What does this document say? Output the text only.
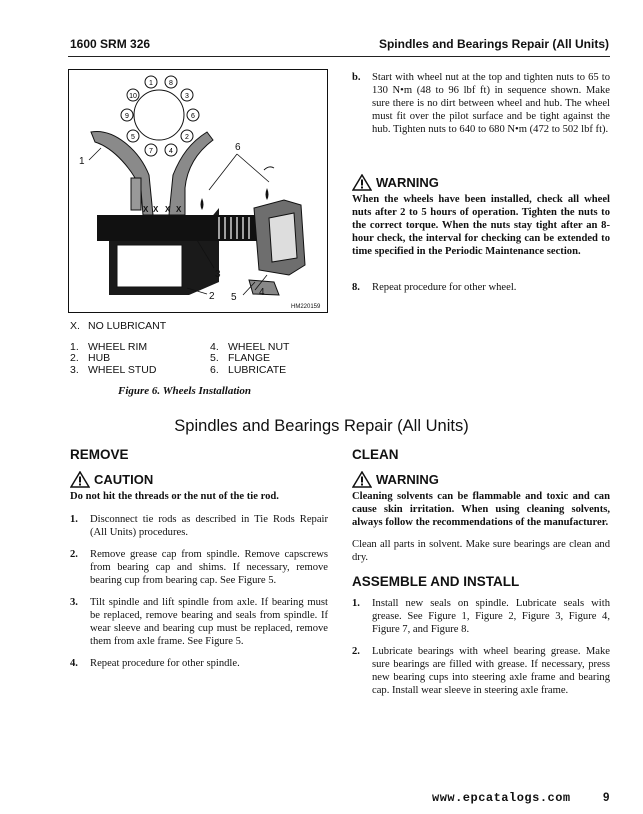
1600 SRM 326	Spindles and Bearings Repair (All Units)
1 8
3
6
2
4
7
5
9
10
X X X X
1
2
3
4
5
6
HM220159
X. NO LUBRICANT
1. WHEEL RIM	4. WHEEL NUT
2. HUB	5. FLANGE
3. WHEEL STUD	6. LUBRICATE
Figure 6. Wheels Installation
b. Start with wheel nut at the top and tighten nuts to 65 to 130 N•m (48 to 96 lbf ft) in sequence shown. Make sure there is no dirt between wheel and hub. The wheel must fit over the pilot surface and be tight against the hub. Tighten nuts to 640 to 680 N•m (472 to 502 lbf ft).
WARNING
When the wheels have been installed, check all wheel nuts after 2 to 5 hours of operation. Tighten the nuts to the correct torque. When the nuts stay tight after an 8-hour check, the interval for checking can be extended to time specified in the Periodic Maintenance section.
8. Repeat procedure for other wheel.
Spindles and Bearings Repair (All Units)
REMOVE
CAUTION
Do not hit the threads or the nut of the tie rod.
1. Disconnect tie rods as described in Tie Rods Repair (All Units) procedures.
2. Remove grease cap from spindle. Remove capscrews from bearing cap and shims. If necessary, remove bearing cup from bearing cap. See Figure 5.
3. Tilt spindle and lift spindle from axle. If bearing must be replaced, remove bearing and seals from spindle. If wear sleeve and bearing cup must be replaced, remove them from axle frame. See Figure 5.
4. Repeat procedure for other spindle.
CLEAN
WARNING
Cleaning solvents can be flammable and toxic and can cause skin irritation. When using cleaning solvents, always follow the recommendations of the manufacturer.
Clean all parts in solvent. Make sure bearings are clean and dry.
ASSEMBLE AND INSTALL
1. Install new seals on spindle. Lubricate seals with grease. See Figure 1, Figure 2, Figure 3, Figure 4, Figure 7, and Figure 8.
2. Lubricate bearings with wheel bearing grease. Make sure bearings are filled with grease. If necessary, press new bearing cups into steering axle frame and bearing cap. Install wear sleeve in steering axle frame.
www.epcatalogs.com	9
